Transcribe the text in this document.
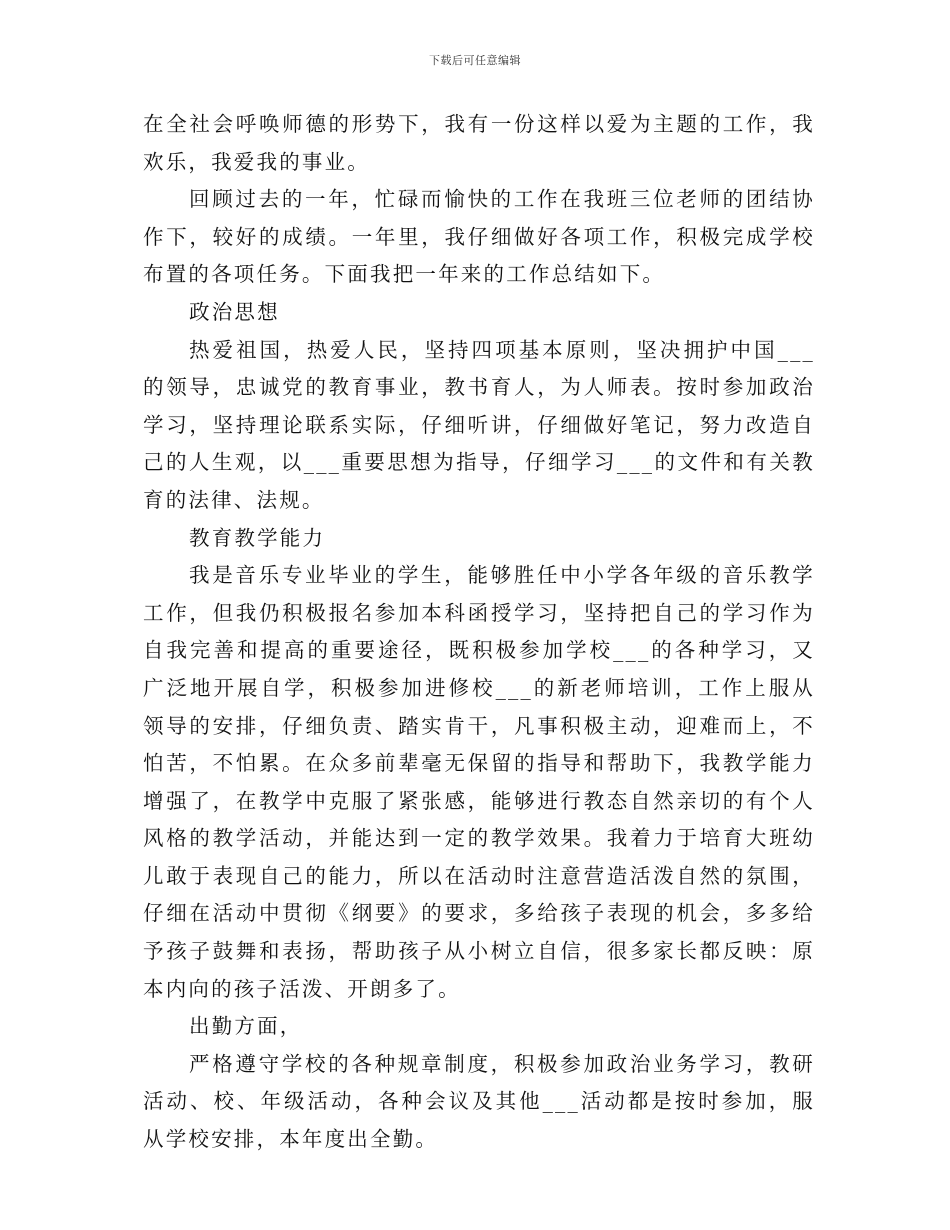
下载后可任意编辑

在全社会呼唤师德的形势下，我有一份这样以爱为主题的工作，我欢乐，我爱我的事业。

回顾过去的一年，忙碌而愉快的工作在我班三位老师的团结协作下，较好的成绩。一年里，我仔细做好各项工作，积极完成学校布置的各项任务。下面我把一年来的工作总结如下。

政治思想

热爱祖国，热爱人民，坚持四项基本原则，坚决拥护中国___的领导，忠诚党的教育事业，教书育人，为人师表。按时参加政治学习，坚持理论联系实际，仔细听讲，仔细做好笔记，努力改造自己的人生观，以___重要思想为指导，仔细学习___的文件和有关教育的法律、法规。

教育教学能力

我是音乐专业毕业的学生，能够胜任中小学各年级的音乐教学工作，但我仍积极报名参加本科函授学习，坚持把自己的学习作为自我完善和提高的重要途径，既积极参加学校___的各种学习，又广泛地开展自学，积极参加进修校___的新老师培训，工作上服从领导的安排，仔细负责、踏实肯干，凡事积极主动，迎难而上，不怕苦，不怕累。在众多前辈毫无保留的指导和帮助下，我教学能力增强了，在教学中克服了紧张感，能够进行教态自然亲切的有个人风格的教学活动，并能达到一定的教学效果。我着力于培育大班幼儿敢于表现自己的能力，所以在活动时注意营造活泼自然的氛围，仔细在活动中贯彻《纲要》的要求，多给孩子表现的机会，多多给予孩子鼓舞和表扬，帮助孩子从小树立自信，很多家长都反映：原本内向的孩子活泼、开朗多了。

出勤方面，

严格遵守学校的各种规章制度，积极参加政治业务学习，教研活动、校、年级活动，各种会议及其他___活动都是按时参加，服从学校安排，本年度出全勤。
